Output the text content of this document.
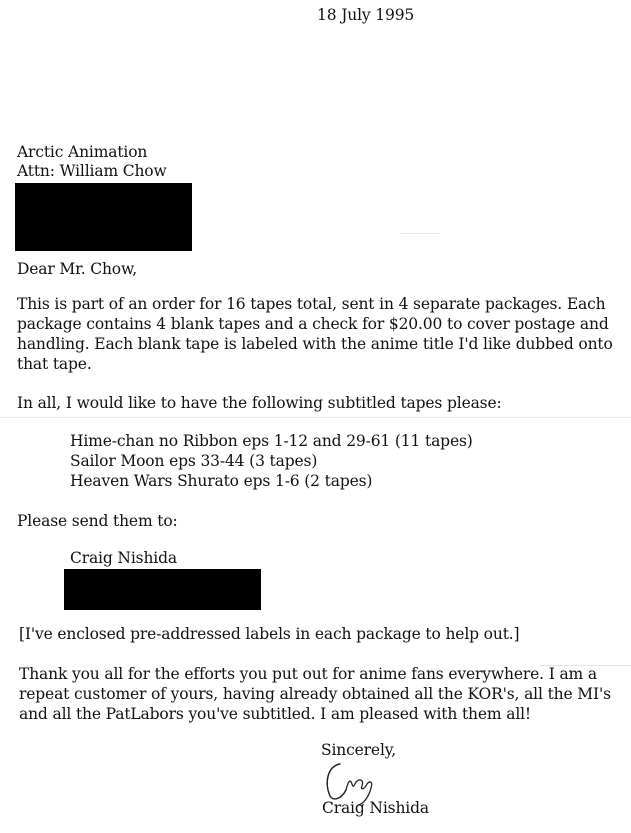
18 July 1995

Arctic Animation

Attn: William Chow

Dear Mr. Chow,

This is part of an order for 16 tapes total, sent in 4 separate packages. Each
package contains 4 blank tapes and a check for $20.00 to cover postage and
handling. Each blank tape is labeled with the anime title I'd like dubbed onto
that tape.

In all, I would like to have the following subtitled tapes please:

Hime-chan no Ribbon eps 1-12 and 29-61 (11 tapes)
Sailor Moon eps 33-44 (3 tapes)
Heaven Wars Shurato eps 1-6 (2 tapes)

Please send them to:

Craig Nishida

[I've enclosed pre-addressed labels in each package to help out.]

Thank you all for the efforts you put out for anime fans everywhere. I am a
repeat customer of yours, having already obtained all the KOR's, all the MI's
and all the PatLabors you've subtitled. I am pleased with them all!

Sincerely,

Craig Nishida
